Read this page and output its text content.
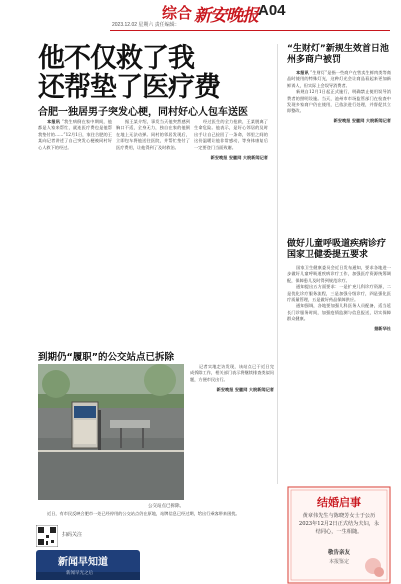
综合 新安晚报 A04
2023.12.02 星期六 责任编辑：
他不仅救了我
还帮垫了医疗费
合肥一独居男子突发心梗，同村好心人包车送医

本报讯 “我生病倒在家中期间，他都是人家来帮忙，就连医疗费也是他帮我垫付的……”12月1日，家住合肥的王某向记者讲述了自己突发心梗被同村好心人救下的经过。

据王某介绍，事发当天他突然感到胸口不适，全身无力，独自在家的他倒在地上无法动弹。同村的邻居发现后，立即包车将他送往医院，并帮忙垫付了医疗费用，让他得到了及时救治。

经过医生的全力抢救，王某脱离了生命危险。他表示，是好心邻居的及时出手让自己捡回了一条命，邻里之间的这份温暖让他非常感动，等身体康复后一定要登门当面致谢。

新安晚报 安徽网 大皖新闻记者

到期仍“履职”的公交站点已拆除
公交站点已拆除。

记者实地走访发现，该站点已于近日完成拆除工作，相关部门表示将继续排查类似问题，方便市民出行。

新安晚报 安徽网 大皖新闻记者

近日，有市民反映合肥市一处已经停用的公交站点仍在原地，站牌信息已经过期，给出行乘客带来困扰。

扫码关注
新闻早知道
新闻早光之后
“生财灯”新规生效首日池州多商户被罚

本报讯 “生财灯”是指一些商户在售卖生鲜肉类等商品时使用的特殊灯光，这种灯光会让商品看起来更加新鲜诱人，但实际上会误导消费者。

新规自12月1日起正式施行，明确禁止使用误导消费者的照明设施。当天，池州市市场监管部门在检查中发现多家商户仍在使用，已依法进行处理，并督促其立即整改。

新安晚报 安徽网 大皖新闻记者

做好儿童呼吸道疾病诊疗国家卫健委提五要求

国家卫生健康委员会近日发布通知，要求各地进一步做好儿童呼吸道疾病诊疗工作，加强医疗资源统筹调配，保障患儿及时得到规范诊疗。

通知提出五方面要求：一是扩充儿科诊疗资源，二是优化诊疗服务流程，三是加强分级诊疗，四是强化医疗质量管理，五是做好药品保障供应。

通知强调，各地要加强儿科医务人员配备，适当延长门诊服务时间，加强疫情监测与信息报送，切实保障群众健康。

据新华社

结婚启事
黄章伟先生与陈晓芳女士于公历2023年12月2日正式结为夫妇，永结同心，一生相随。
敬告亲友
本报鉴定
